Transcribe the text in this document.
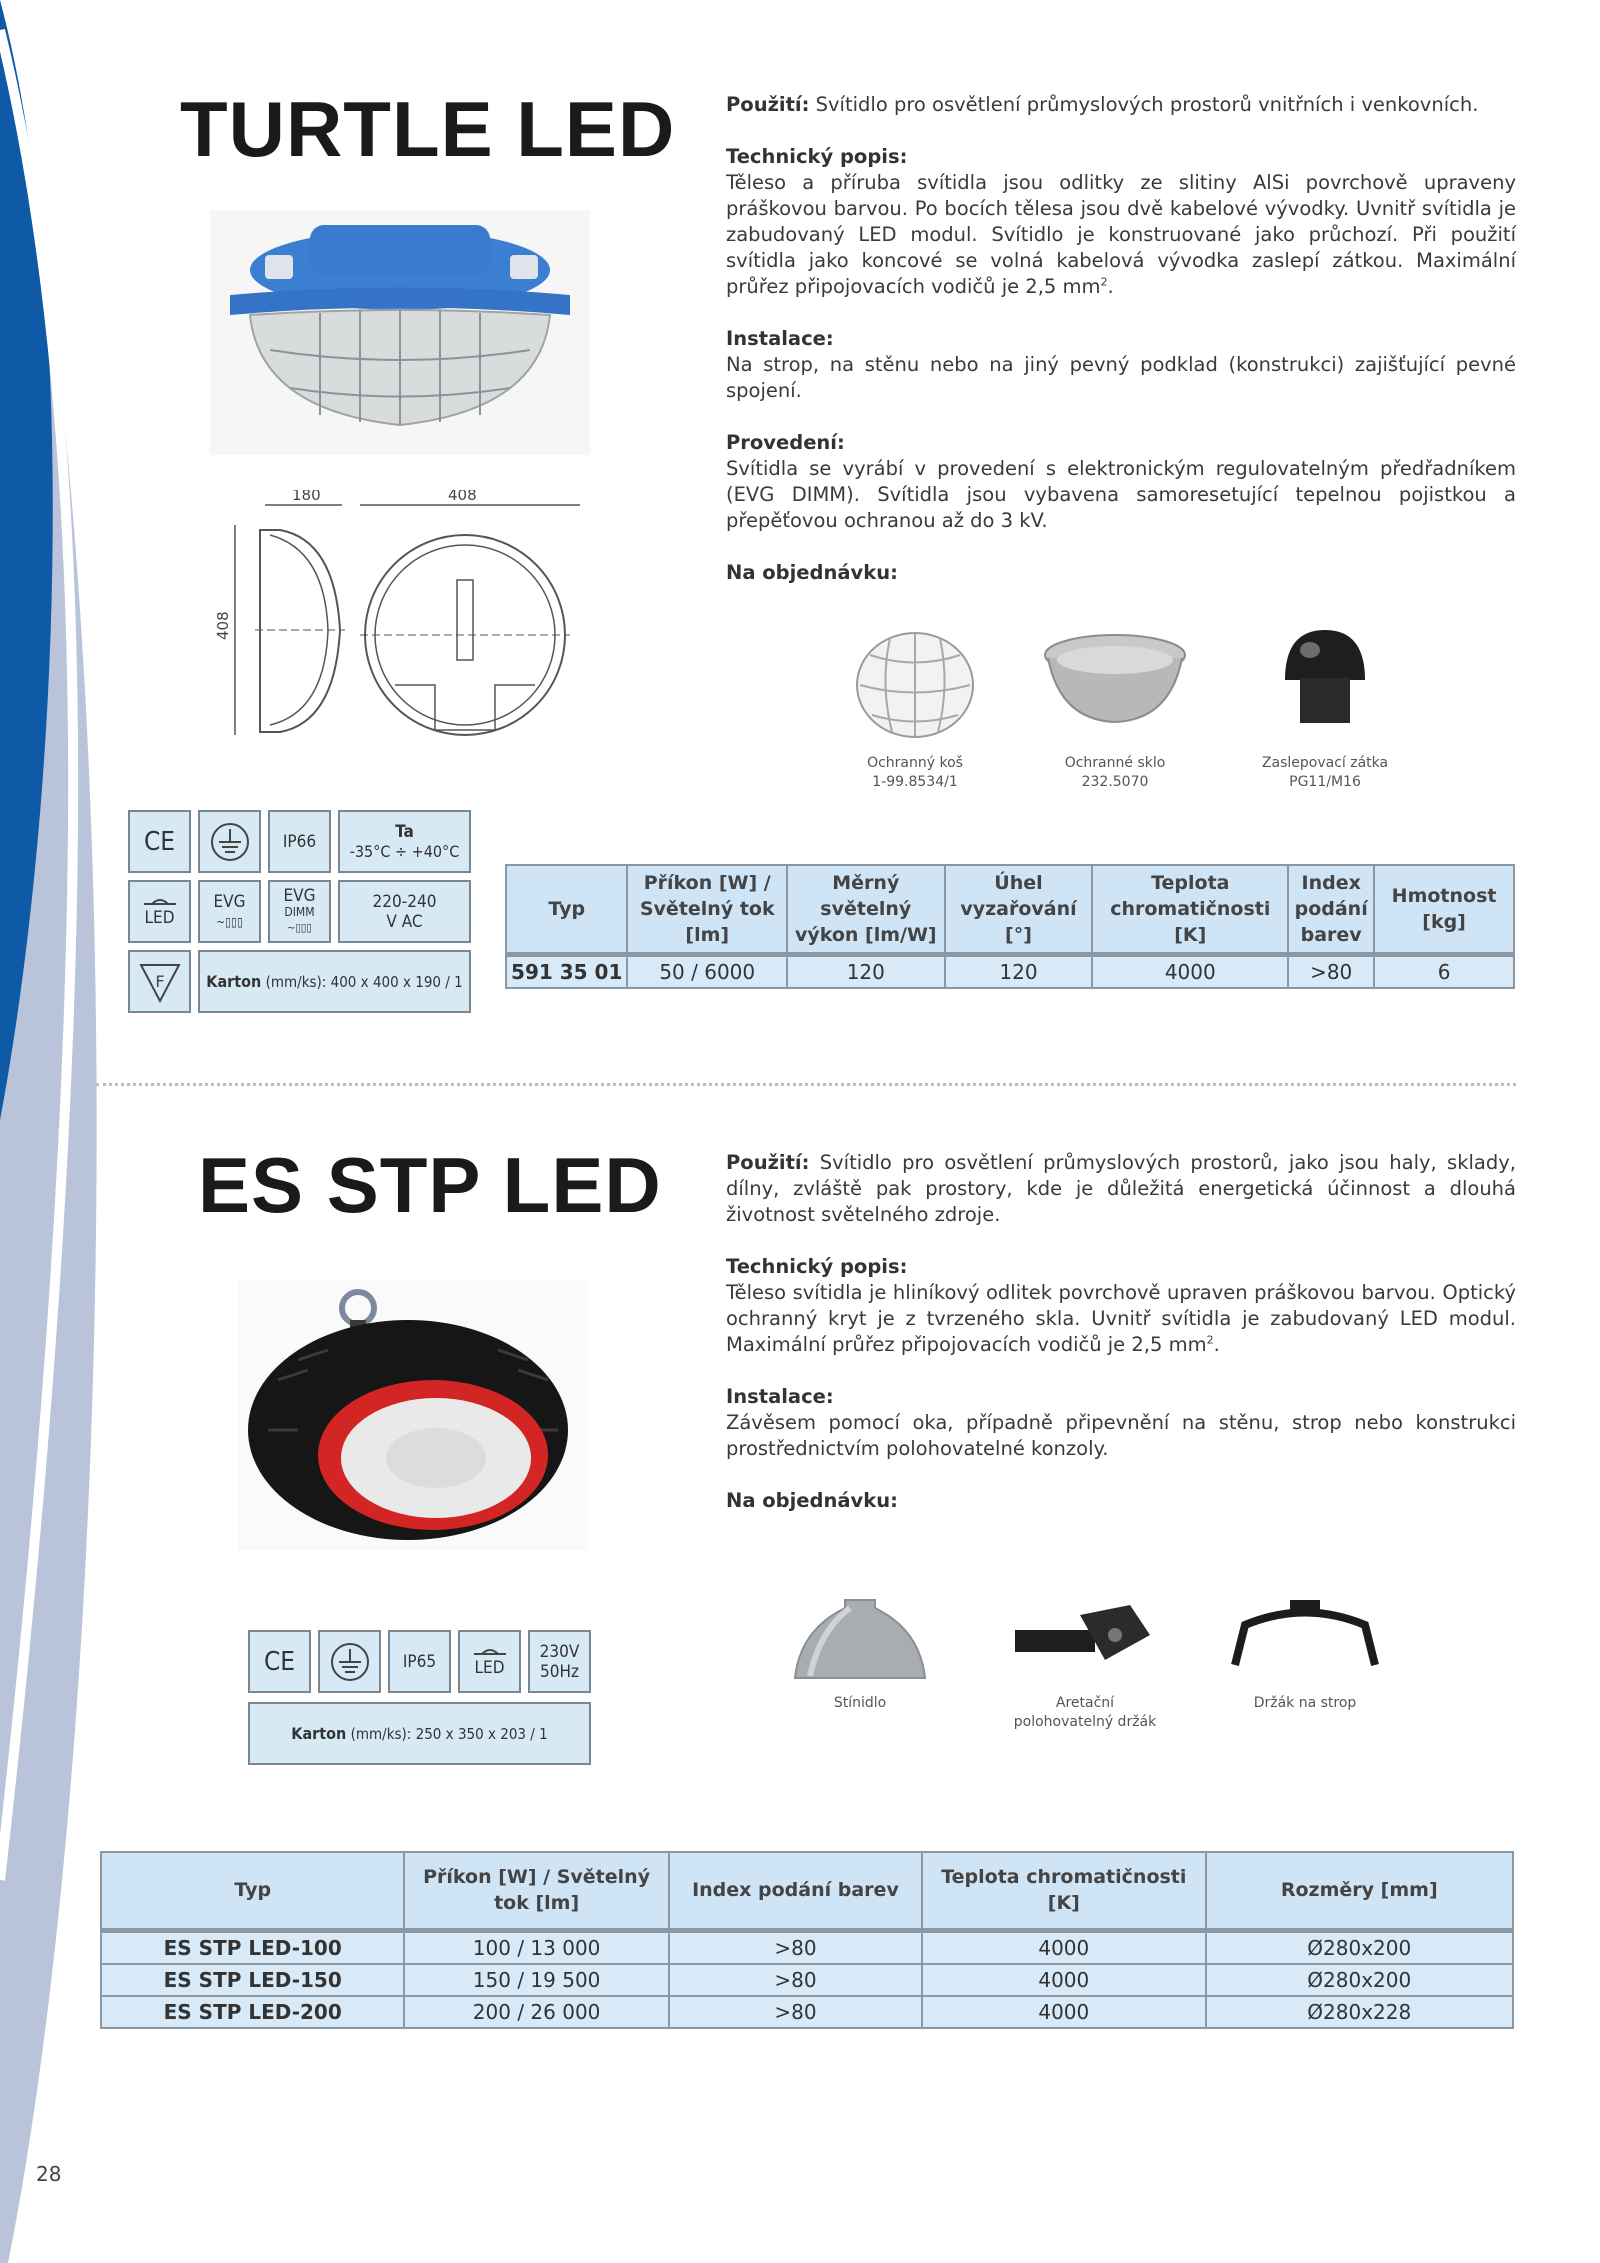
TURTLE LED
180	408
408

Použití: Svítidlo pro osvětlení průmyslových prostorů vnitřních i venkovních.

Technický popis:
Těleso a příruba svítidla jsou odlitky ze slitiny AlSi povrchově upraveny práškovou barvou. Po bocích tělesa jsou dvě kabelové vývodky. Uvnitř svítidla je zabudovaný LED modul. Svítidlo je konstruované jako průchozí. Při použití svítidla jako koncové se volná kabelová vývodka zaslepí zátkou. Maximální průřez připojovacích vodičů je 2,5 $mm^2$.

Instalace:
Na strop, na stěnu nebo na jiný pevný podklad (konstrukci) zajišťující pevné spojení.

Provedení:
Svítidla se vyrábí v provedení s elektronickým regulovatelným předřadníkem (EVG DIMM). Svítidla jsou vybavena samoresetující tepelnou pojistkou a přepěťovou ochranou až do 3 kV.

Na objednávku:

Ochranný koš
1-99.8534/1
Ochranné sklo
232.5070
Zaslepovací zátka
PG11/M16
CE	IP66	Ta
-35°C ÷ +40°C
LED
EVG
~▯▯▯
EVG
DIMM
~▯▯▯
220-240
V AC
F	Karton (mm/ks): 400 x 400 x 190 / 1
Typ	Příkon [W] / Světelný tok [lm]	Měrný světelný výkon [lm/W]	Úhel vyzařování [°]	Teplota chromatičnosti [K]	Index podání barev	Hmotnost [kg]
591 35 01	50 / 6000	120	120	4000	>80	6
ES STP LED	Použití: Svítidlo pro osvětlení průmyslových prostorů, jako jsou haly, sklady, dílny, zvláště pak prostory, kde je důležitá energetická účinnost a dlouhá životnost světelného zdroje.

Technický popis:
Těleso svítidla je hliníkový odlitek povrchově upraven práškovou barvou. Optický ochranný kryt je z tvrzeného skla. Uvnitř svítidla je zabudovaný LED modul. Maximální průřez připojovacích vodičů je 2,5 $mm^2$.

Instalace:
Závěsem pomocí oka, případně připevnění na stěnu, strop nebo konstrukci prostřednictvím polohovatelné konzoly.

Na objednávku:

Stínidlo	Aretační
polohovatelný držák
Držák na strop
CE	IP65 LED
230V
50Hz
Karton (mm/ks): 250 x 350 x 203 / 1
Typ	Příkon [W] / Světelný tok [lm]	Index podání barev	Teplota chromatičnosti [K]	Rozměry [mm]
ES STP LED-100	100 / 13 000	>80	4000	Ø280x200
ES STP LED-150	150 / 19 500	>80	4000	Ø280x200
ES STP LED-200	200 / 26 000	>80	4000	Ø280x228
28
